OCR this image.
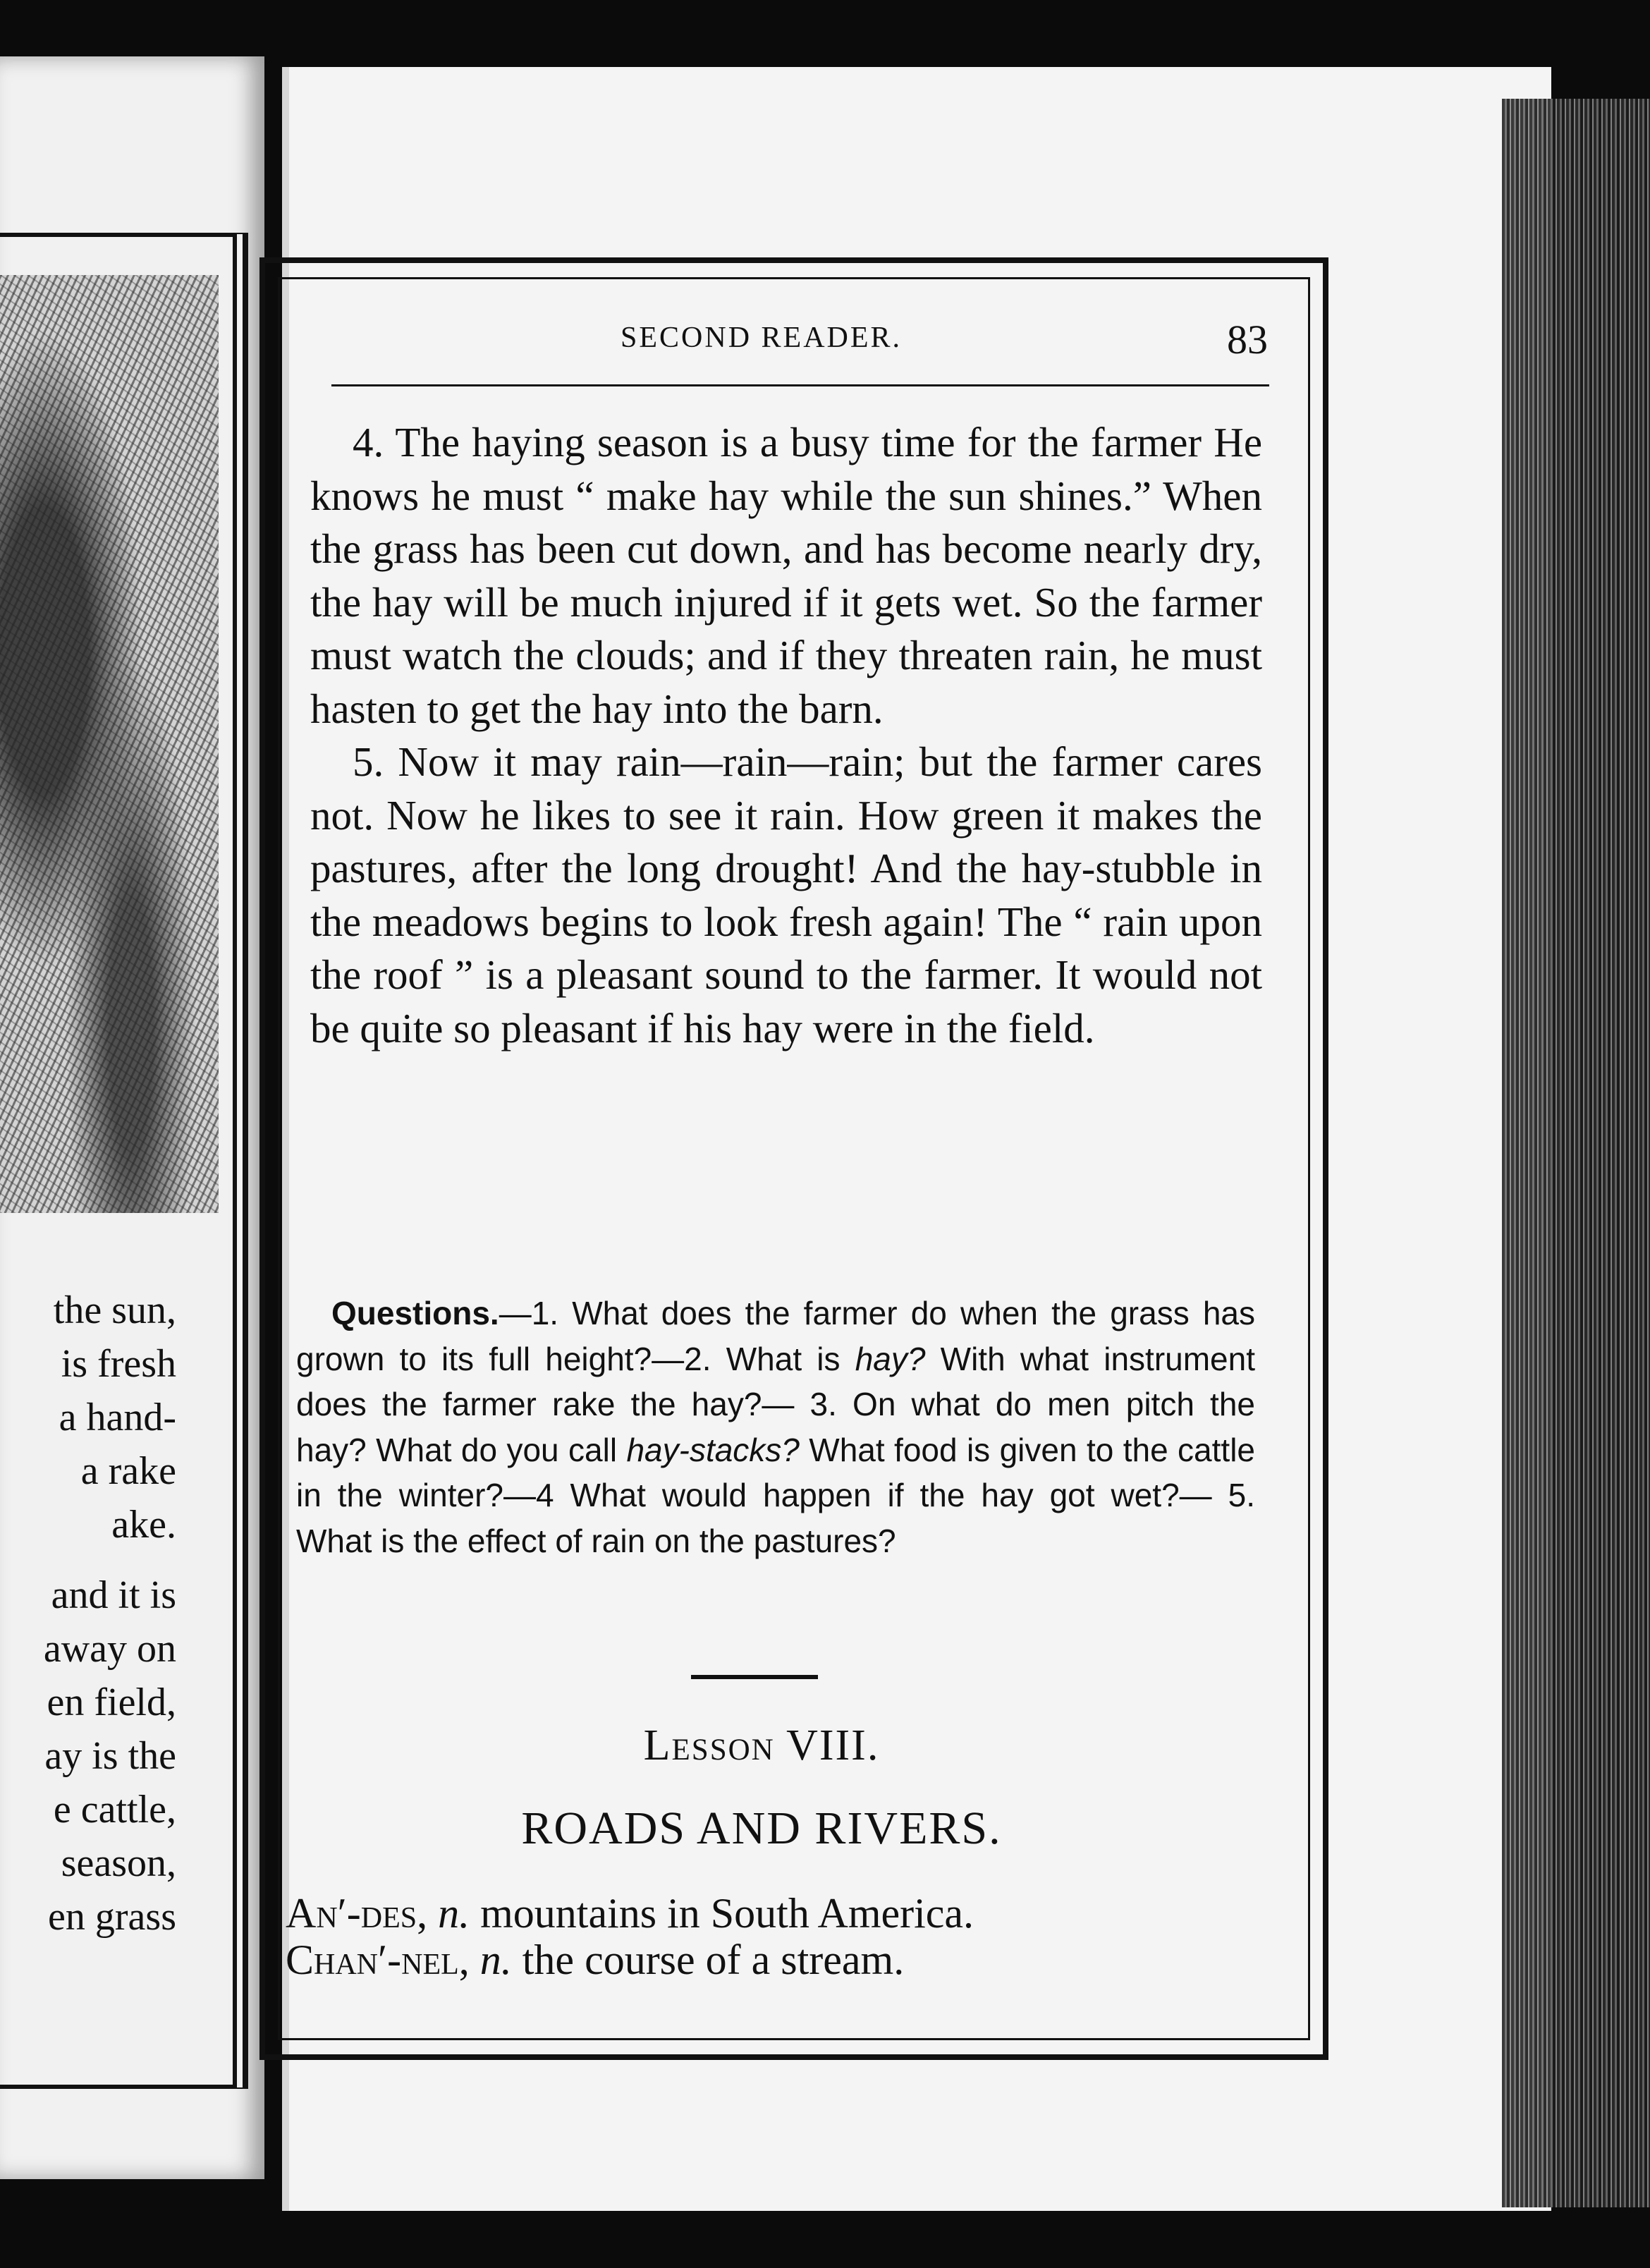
the sun,
is fresh
a hand-
a rake
ake.
and it is
away on
en field,
ay is the
e cattle,
season,
en grass
SECOND READER.	83

4. The haying season is a busy time for the farmer He knows he must “ make hay while the sun shines.” When the grass has been cut down, and has become nearly dry, the hay will be much injured if it gets wet. So the farmer must watch the clouds; and if they threaten rain, he must hasten to get the hay into the barn.

5. Now it may rain—rain—rain; but the farmer cares not. Now he likes to see it rain. How green it makes the pastures, after the long drought! And the hay-stubble in the meadows begins to look fresh again! The “ rain upon the roof ” is a pleasant sound to the farmer. It would not be quite so pleasant if his hay were in the field.

Questions.—1. What does the farmer do when the grass has grown to its full height?—2. What is hay? With what instrument does the farmer rake the hay?— 3. On what do men pitch the hay? What do you call hay-stacks? What food is given to the cattle in the winter?—4 What would happen if the hay got wet?— 5. What is the effect of rain on the pastures?
Lesson VIII.
ROADS AND RIVERS.
An′-des, n. mountains in South America.
Chan′-nel, n. the course of a stream.
